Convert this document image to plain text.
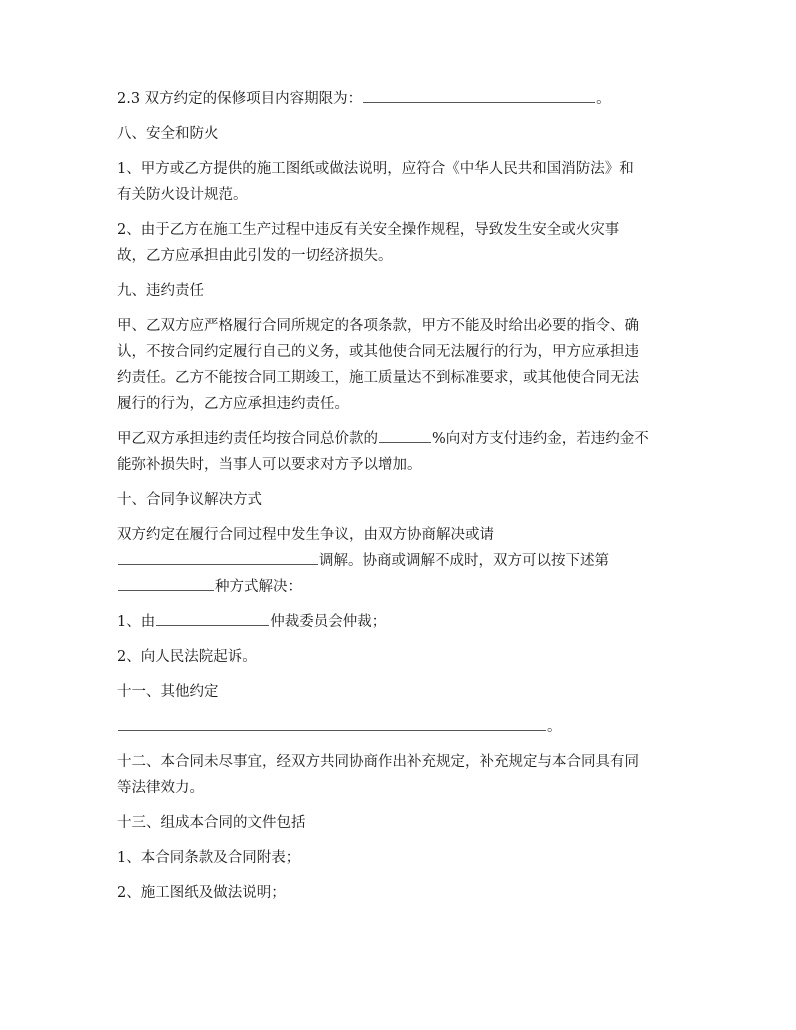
2.3 双方约定的保修项目内容期限为：	。

八、安全和防火

1、甲方或乙方提供的施工图纸或做法说明，应符合《中华人民共和国消防法》和
有关防火设计规范。

2、由于乙方在施工生产过程中违反有关安全操作规程，导致发生安全或火灾事
故，乙方应承担由此引发的一切经济损失。

九、违约责任

甲、乙双方应严格履行合同所规定的各项条款，甲方不能及时给出必要的指令、确
认，不按合同约定履行自己的义务，或其他使合同无法履行的行为，甲方应承担违
约责任。乙方不能按合同工期竣工，施工质量达不到标准要求，或其他使合同无法
履行的行为，乙方应承担违约责任。

甲乙双方承担违约责任均按合同总价款的	%向对方支付违约金，若违约金不
能弥补损失时，当事人可以要求对方予以增加。

十、合同争议解决方式

双方约定在履行合同过程中发生争议，由双方协商解决或请
调解。协商或调解不成时，双方可以按下述第
种方式解决：

1、由	仲裁委员会仲裁；

2、向人民法院起诉。

十一、其他约定

。

十二、本合同未尽事宜，经双方共同协商作出补充规定，补充规定与本合同具有同
等法律效力。

十三、组成本合同的文件包括

1、本合同条款及合同附表；

2、施工图纸及做法说明；
